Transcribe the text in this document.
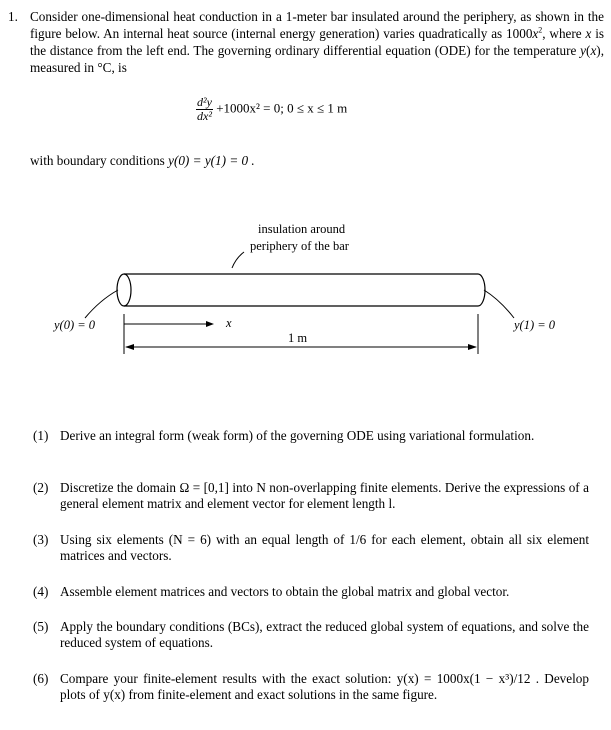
1. Consider one-dimensional heat conduction in a 1-meter bar insulated around the periphery, as shown in the figure below. An internal heat source (internal energy generation) varies quadratically as $1000x^2$, where x is the distance from the left end. The governing ordinary differential equation (ODE) for the temperature y(x), measured in °C, is
$\frac{\text{d²y}}{\text{dx²}} +1000x^2 = 0$; 0 ≤ x ≤ 1 m
with boundary conditions y(0) = y(1) = 0 .
insulation around
periphery of the bar
y(0) = 0	y(1) = 0
x
1 m
(1) Derive an integral form (weak form) of the governing ODE using variational formulation.
(2) Discretize the domain Ω = [0,1] into N non-overlapping finite elements. Derive the expressions of a general element matrix and element vector for element length l.
(3) Using six elements (N = 6) with an equal length of 1/6 for each element, obtain all six element matrices and vectors.
(4) Assemble element matrices and vectors to obtain the global matrix and global vector.
(5) Apply the boundary conditions (BCs), extract the reduced global system of equations, and solve the reduced system of equations.
(6) Compare your finite-element results with the exact solution: y(x) = 1000x(1 − x³)/12 . Develop plots of y(x) from finite-element and exact solutions in the same figure.
